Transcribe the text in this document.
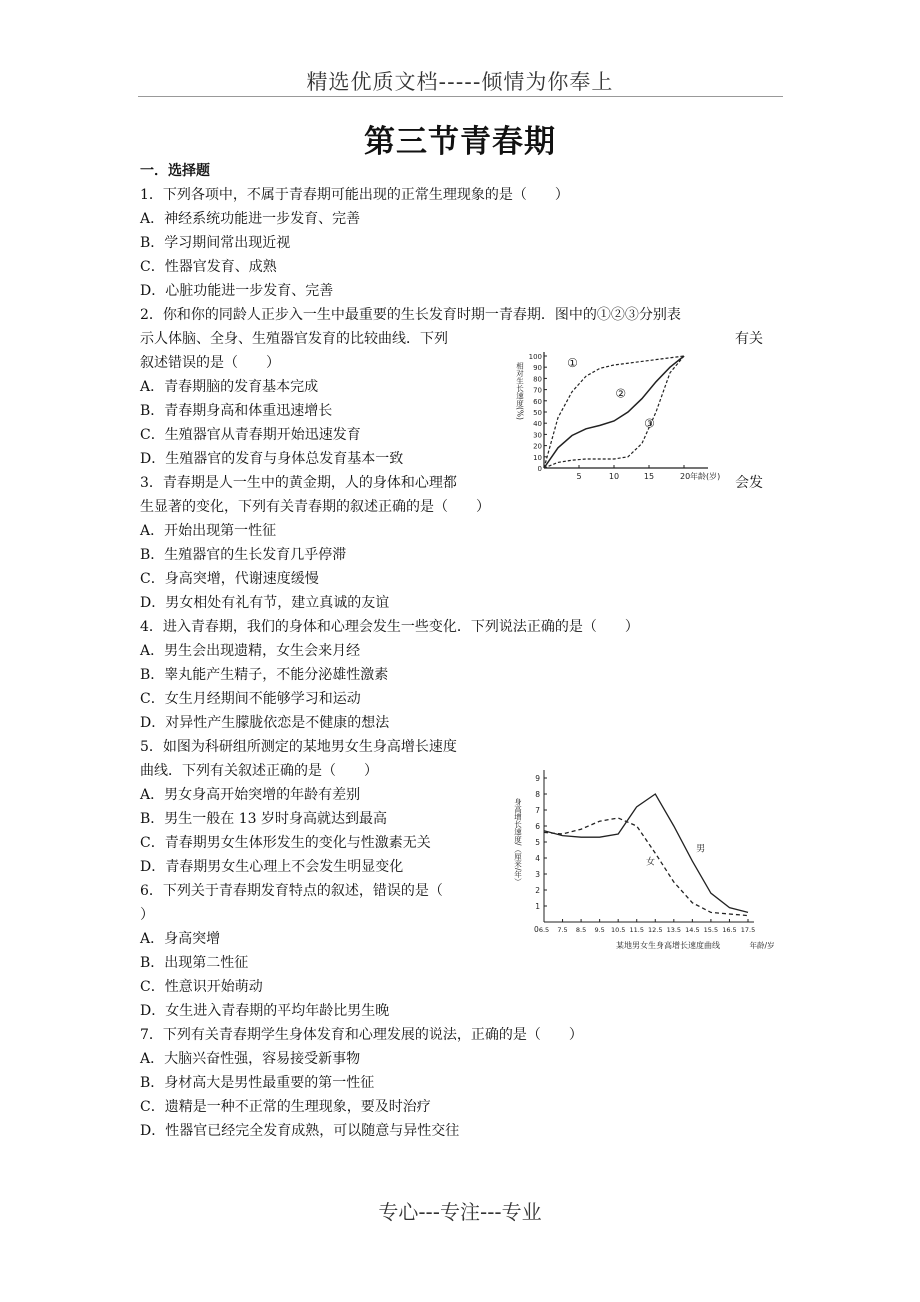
精选优质文档-----倾情为你奉上
第三节青春期
一．选择题
1．下列各项中，不属于青春期可能出现的正常生理现象的是（　　）
A．神经系统功能进一步发育、完善
B．学习期间常出现近视
C．性器官发育、成熟
D．心脏功能进一步发育、完善
2．你和你的同龄人正步入一生中最重要的生长发育时期一青春期．图中的①②③分别表
示人体脑、全身、生殖器官发育的比较曲线．下列	有关
叙述错误的是（　　）
A．青春期脑的发育基本完成
B．青春期身高和体重迅速增长
C．生殖器官从青春期开始迅速发育
D．生殖器官的发育与身体总发育基本一致
3．青春期是人一生中的黄金期，人的身体和心理都	会发
生显著的变化，下列有关青春期的叙述正确的是（　　）
A．开始出现第一性征
B．生殖器官的生长发育几乎停滞
C．身高突增，代谢速度缓慢
D．男女相处有礼有节，建立真诚的友谊
4．进入青春期，我们的身体和心理会发生一些变化．下列说法正确的是（　　）
A．男生会出现遗精，女生会来月经
B．睾丸能产生精子，不能分泌雄性激素
C．女生月经期间不能够学习和运动
D．对异性产生朦胧依恋是不健康的想法
5．如图为科研组所测定的某地男女生身高增长速度
曲线．下列有关叙述正确的是（　　）
A．男女身高开始突增的年龄有差别
B．男生一般在 13 岁时身高就达到最高
C．青春期男女生体形发生的变化与性激素无关
D．青春期男女生心理上不会发生明显变化
6．下列关于青春期发育特点的叙述，错误的是（
）
A．身高突增
B．出现第二性征
C．性意识开始萌动
D．女生进入青春期的平均年龄比男生晚
7．下列有关青春期学生身体发育和心理发展的说法，正确的是（　　）
A．大脑兴奋性强，容易接受新事物
B．身材高大是男性最重要的第一性征
C．遗精是一种不正常的生理现象，要及时治疗
D．性器官已经完全发育成熟，可以随意与异性交往
0
10
20
30
40
50
60
70
80
90
100
5	10	15	20 年龄(岁)
相对生长速度(%)	①
②
③
0
1
2
3
4
5
6
7
8
9
6.5 7.5 8.5 9.5 10.5 11.5 12.5 13.5 14.5 15.5 16.5 17.5
某地男女生身高增长速度曲线	年龄/岁
身高增长速度/（厘米/年）	男
女
专心---专注---专业
